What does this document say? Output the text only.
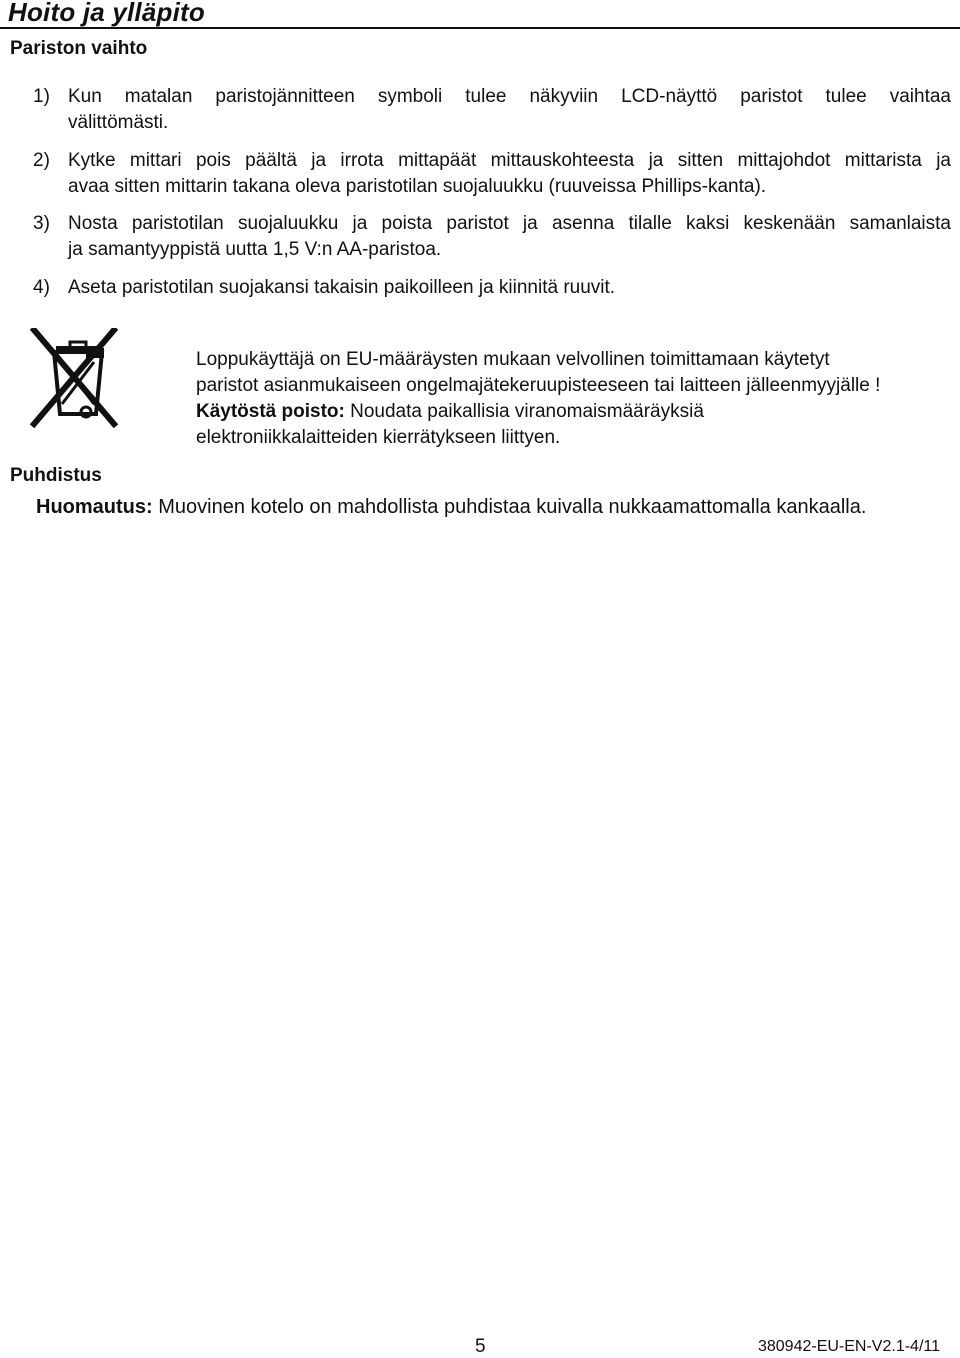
Hoito ja ylläpito
Pariston vaihto
1) Kun matalan paristojännitteen symboli tulee näkyviin LCD-näyttö paristot tulee vaihtaa
välittömästi.
2) Kytke mittari pois päältä ja irrota mittapäät mittauskohteesta ja sitten mittajohdot mittarista ja
avaa sitten mittarin takana oleva paristotilan suojaluukku (ruuveissa Phillips-kanta).
3) Nosta paristotilan suojaluukku ja poista paristot ja asenna tilalle kaksi keskenään samanlaista
ja samantyyppistä uutta 1,5 V:n AA-paristoa.
4) Aseta paristotilan suojakansi takaisin paikoilleen ja kiinnitä ruuvit.
Loppukäyttäjä on EU-määräysten mukaan velvollinen toimittamaan käytetyt
paristot asianmukaiseen ongelmajätekeruupisteeseen tai laitteen jälleenmyyjälle !
Käytöstä poisto: Noudata paikallisia viranomaismääräyksiä
elektroniikkalaitteiden kierrätykseen liittyen.
Puhdistus
Huomautus: Muovinen kotelo on mahdollista puhdistaa kuivalla nukkaamattomalla kankaalla.
5	380942-EU-EN-V2.1-4/11
